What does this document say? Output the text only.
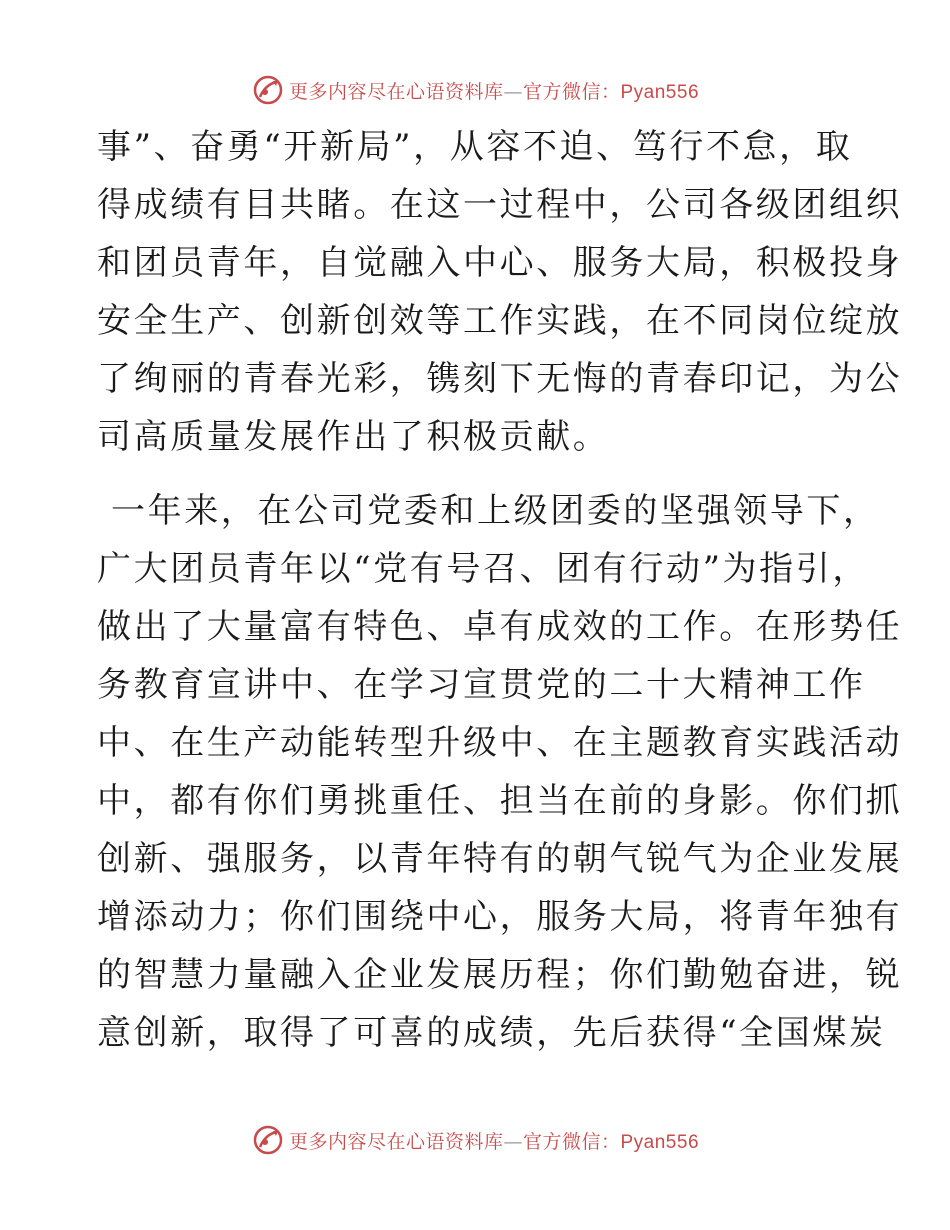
更多内容尽在心语资料库—官方微信：Pyan556
事”、奋勇“开新局”，从容不迫、笃行不怠，取
得成绩有目共睹。在这一过程中，公司各级团组织
和团员青年，自觉融入中心、服务大局，积极投身
安全生产、创新创效等工作实践，在不同岗位绽放
了绚丽的青春光彩，镌刻下无悔的青春印记，为公
司高质量发展作出了积极贡献。
一年来，在公司党委和上级团委的坚强领导下，
广大团员青年以“党有号召、团有行动”为指引，
做出了大量富有特色、卓有成效的工作。在形势任
务教育宣讲中、在学习宣贯党的二十大精神工作
中、在生产动能转型升级中、在主题教育实践活动
中，都有你们勇挑重任、担当在前的身影。你们抓
创新、强服务，以青年特有的朝气锐气为企业发展
增添动力；你们围绕中心，服务大局，将青年独有
的智慧力量融入企业发展历程；你们勤勉奋进，锐
意创新，取得了可喜的成绩，先后获得“全国煤炭
更多内容尽在心语资料库—官方微信：Pyan556
